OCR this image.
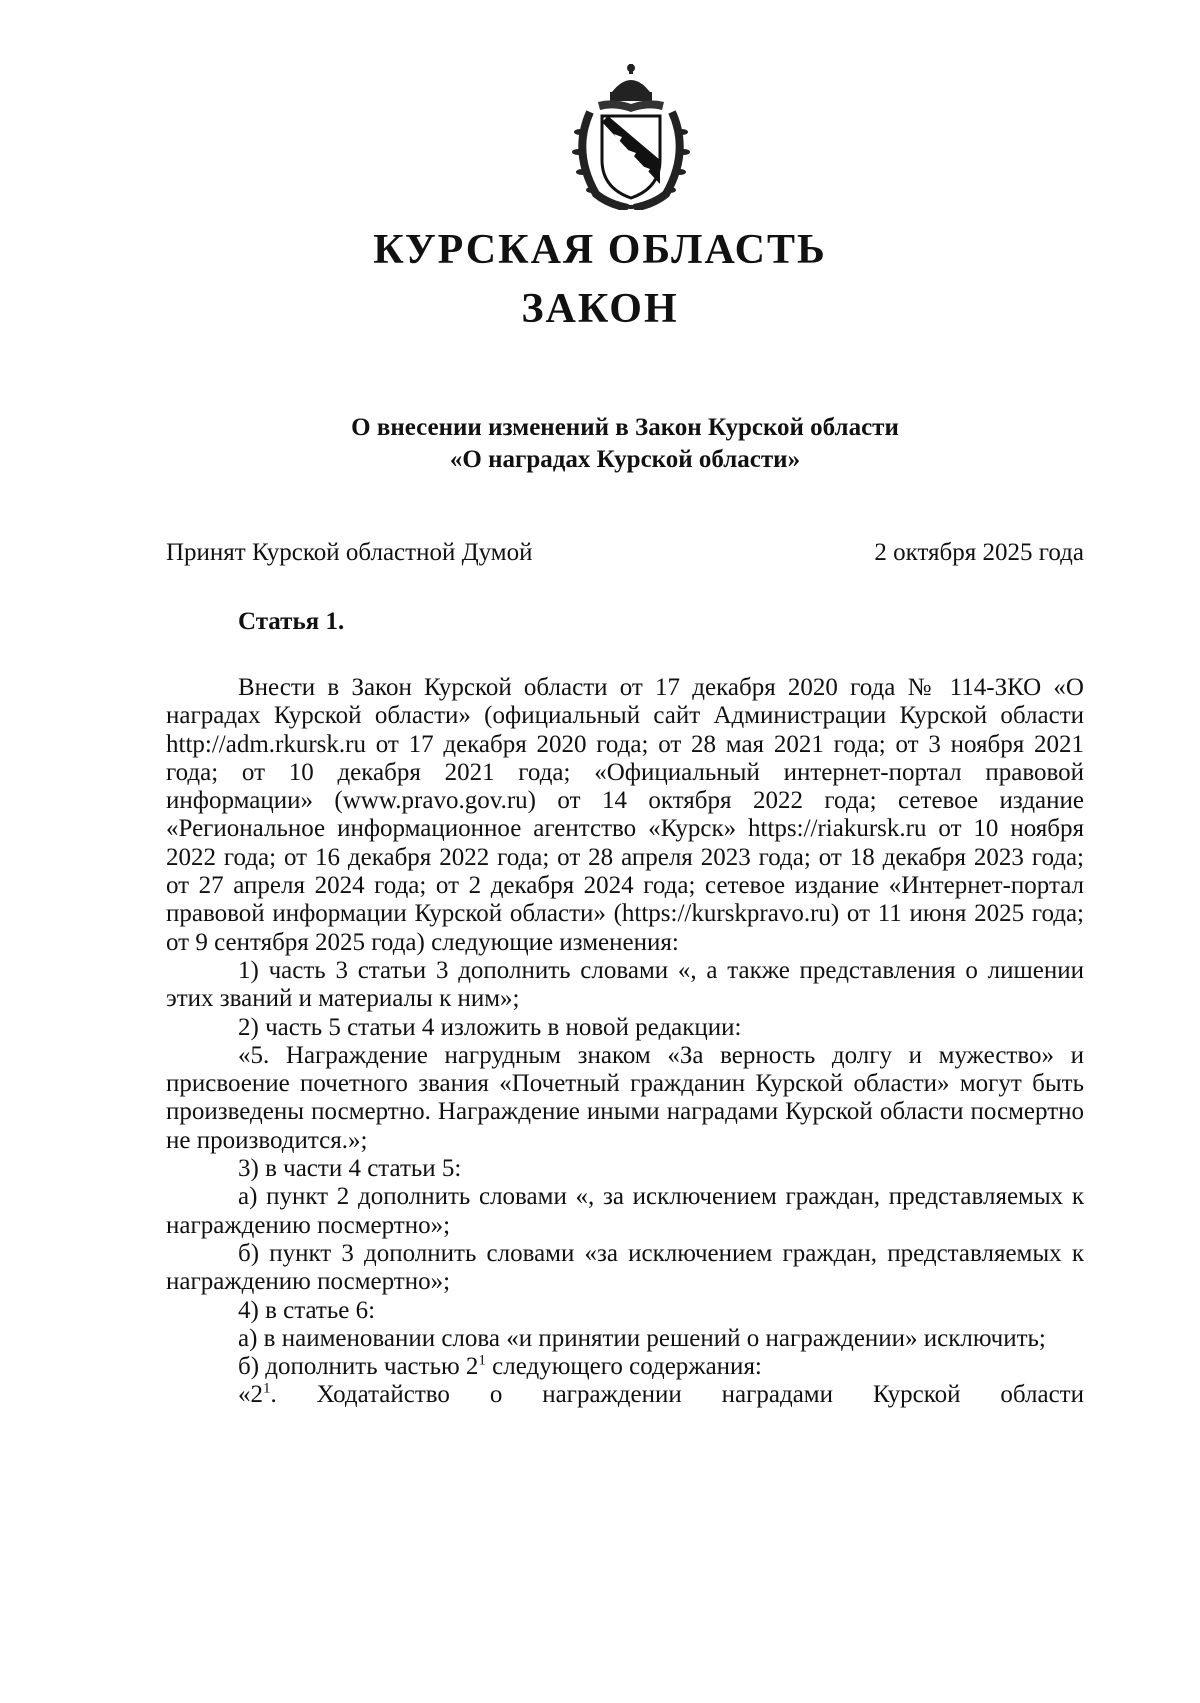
КУРСКАЯ ОБЛАСТЬ
ЗАКОН
О внесении изменений в Закон Курской области
«О наградах Курской области»
Принят Курской областной Думой	2 октября 2025 года
Статья 1.

Внести в Закон Курской области от 17 декабря 2020 года № 114-ЗКО «О наградах Курской области» (официальный сайт Администрации Курской области http://adm.rkursk.ru от 17 декабря 2020 года; от 28 мая 2021 года; от 3 ноября 2021 года; от 10 декабря 2021 года; «Официальный интернет-портал правовой информации» (www.pravo.gov.ru) от 14 октября 2022 года; сетевое издание «Региональное информационное агентство «Курск» https://riakursk.ru от 10 ноября 2022 года; от 16 декабря 2022 года; от 28 апреля 2023 года; от 18 декабря 2023 года; от 27 апреля 2024 года; от 2 декабря 2024 года; сетевое издание «Интернет-портал правовой информации Курской области» (https://kurskpravo.ru) от 11 июня 2025 года; от 9 сентября 2025 года) следующие изменения:

1) часть 3 статьи 3 дополнить словами «, а также представления о лишении этих званий и материалы к ним»;

2) часть 5 статьи 4 изложить в новой редакции:

«5. Награждение нагрудным знаком «За верность долгу и мужество» и присвоение почетного звания «Почетный гражданин Курской области» могут быть произведены посмертно. Награждение иными наградами Курской области посмертно не производится.»;

3) в части 4 статьи 5:

а) пункт 2 дополнить словами «, за исключением граждан, представляемых к награждению посмертно»;

б) пункт 3 дополнить словами «за исключением граждан, представляемых к награждению посмертно»;

4) в статье 6:

а) в наименовании слова «и принятии решений о награждении» исключить;

б) дополнить частью $2^1$ следующего содержания:

«$2^1$. Ходатайство о награждении наградами Курской области
